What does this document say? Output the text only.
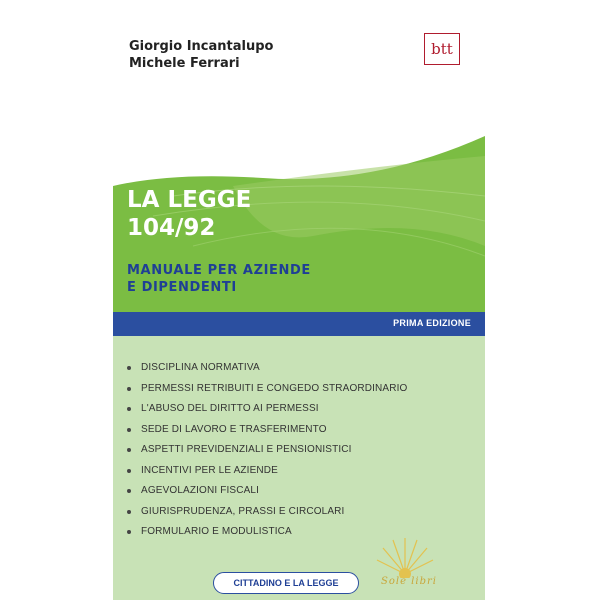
Giorgio Incantalupo
Michele Ferrari
btt
LA LEGGE
104/92
MANUALE PER AZIENDE
E DIPENDENTI
PRIMA EDIZIONE
DISCIPLINA NORMATIVA
PERMESSI RETRIBUITI E CONGEDO STRAORDINARIO
L'ABUSO DEL DIRITTO AI PERMESSI
SEDE DI LAVORO E TRASFERIMENTO
ASPETTI PREVIDENZIALI E PENSIONISTICI
INCENTIVI PER LE AZIENDE
AGEVOLAZIONI FISCALI
GIURISPRUDENZA, PRASSI E CIRCOLARI
FORMULARIO E MODULISTICA
Sole libri
CITTADINO E LA LEGGE
